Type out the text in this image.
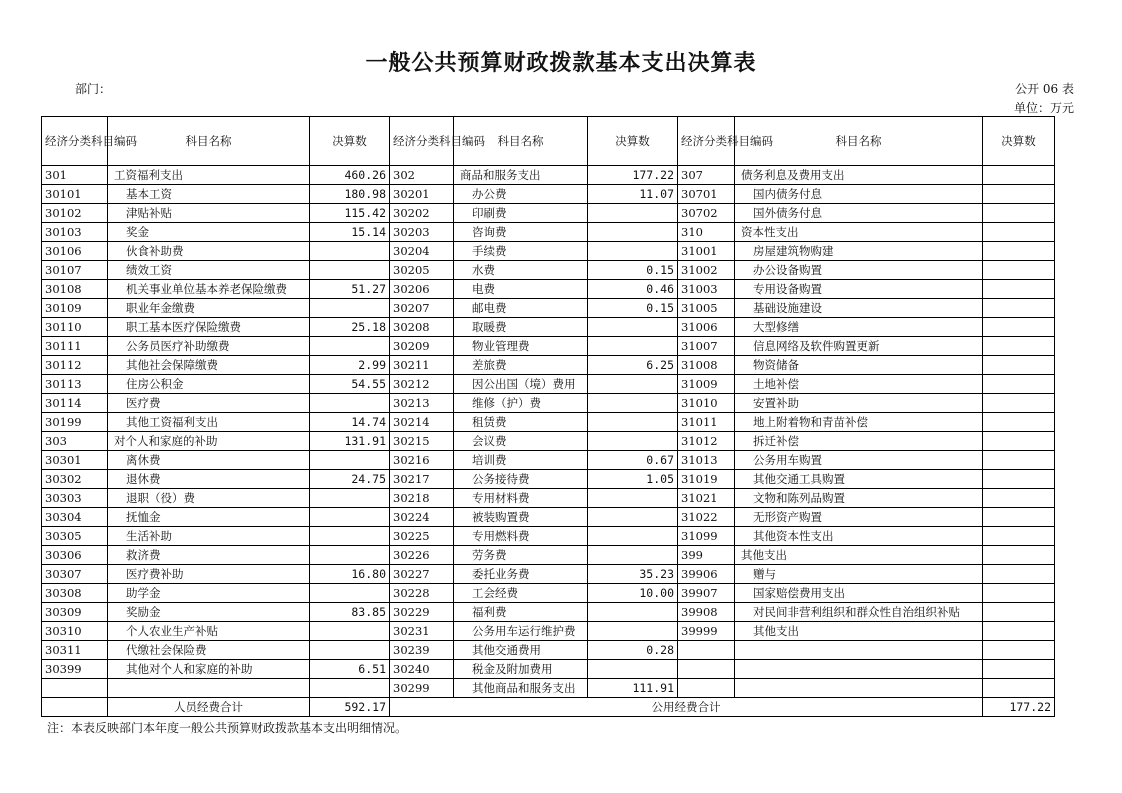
一般公共预算财政拨款基本支出决算表
部门：	公开 06 表
单位：万元
经济分类科目编码	科目名称	决算数	经济分类科目编码	科目名称	决算数	经济分类科目编码	科目名称	决算数
301	工资福利支出	460.26	302	商品和服务支出	177.22	307	债务利息及费用支出	
30101	基本工资	180.98	30201	办公费	11.07	30701	国内债务付息	
30102	津贴补贴	115.42	30202	印刷费		30702	国外债务付息	
30103	奖金	15.14	30203	咨询费		310	资本性支出	
30106	伙食补助费		30204	手续费		31001	房屋建筑物购建	
30107	绩效工资		30205	水费	0.15	31002	办公设备购置	
30108	机关事业单位基本养老保险缴费	51.27	30206	电费	0.46	31003	专用设备购置	
30109	职业年金缴费		30207	邮电费	0.15	31005	基础设施建设	
30110	职工基本医疗保险缴费	25.18	30208	取暖费		31006	大型修缮	
30111	公务员医疗补助缴费		30209	物业管理费		31007	信息网络及软件购置更新	
30112	其他社会保障缴费	2.99	30211	差旅费	6.25	31008	物资储备	
30113	住房公积金	54.55	30212	因公出国（境）费用		31009	土地补偿	
30114	医疗费		30213	维修（护）费		31010	安置补助	
30199	其他工资福利支出	14.74	30214	租赁费		31011	地上附着物和青苗补偿	
303	对个人和家庭的补助	131.91	30215	会议费		31012	拆迁补偿	
30301	离休费		30216	培训费	0.67	31013	公务用车购置	
30302	退休费	24.75	30217	公务接待费	1.05	31019	其他交通工具购置	
30303	退职（役）费		30218	专用材料费		31021	文物和陈列品购置	
30304	抚恤金		30224	被装购置费		31022	无形资产购置	
30305	生活补助		30225	专用燃料费		31099	其他资本性支出	
30306	救济费		30226	劳务费		399	其他支出	
30307	医疗费补助	16.80	30227	委托业务费	35.23	39906	赠与	
30308	助学金		30228	工会经费	10.00	39907	国家赔偿费用支出	
30309	奖励金	83.85	30229	福利费		39908	对民间非营利组织和群众性自治组织补贴	
30310	个人农业生产补贴		30231	公务用车运行维护费		39999	其他支出	
30311	代缴社会保险费		30239	其他交通费用	0.28			
30399	其他对个人和家庭的补助	6.51	30240	税金及附加费用				
			30299	其他商品和服务支出	111.91			
	人员经费合计	592.17	公用经费合计					177.22
注：本表反映部门本年度一般公共预算财政拨款基本支出明细情况。
